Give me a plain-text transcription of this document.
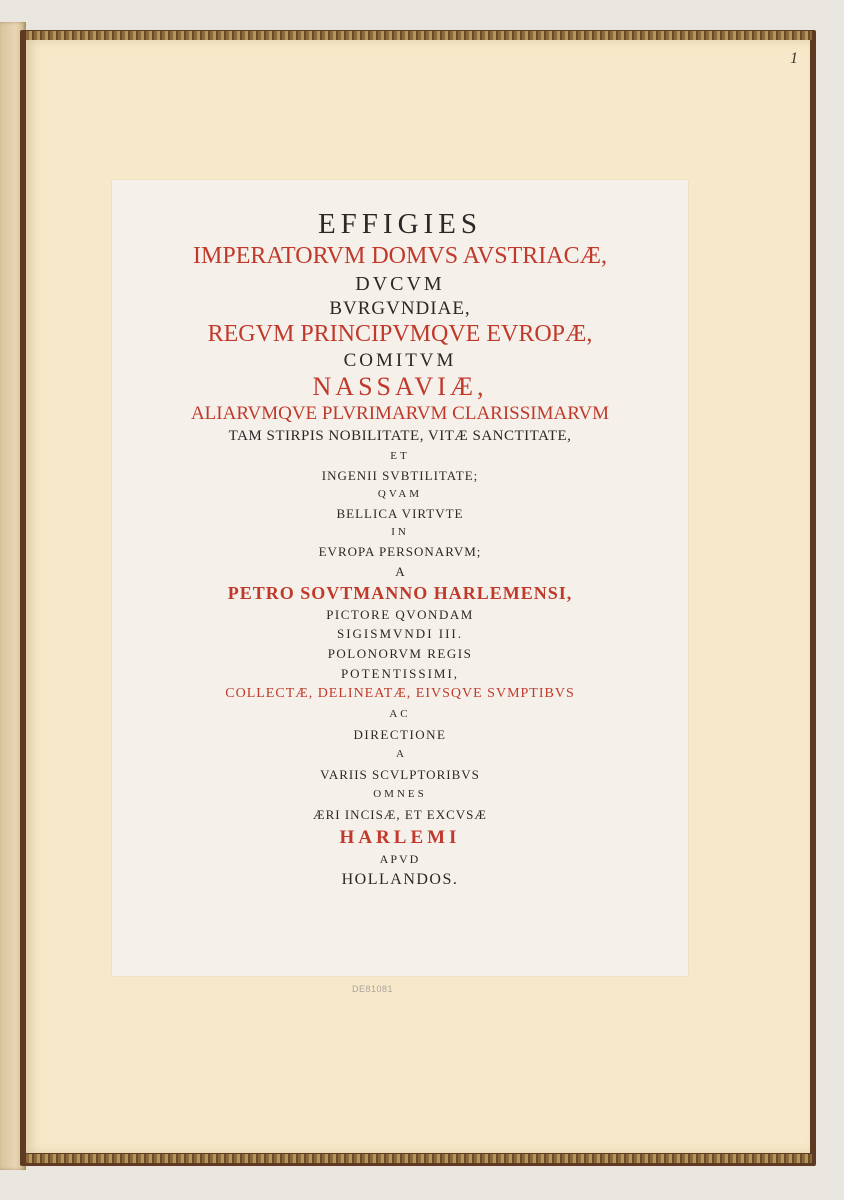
1
EFFIGIES
IMPERATORVM DOMVS AVSTRIACÆ,
DVCVM
BVRGVNDIAE,
REGVM PRINCIPVMQVE EVROPÆ,
COMITVM
NASSAVIÆ,
ALIARVMQVE PLVRIMARVM CLARISSIMARVM
TAM STIRPIS NOBILITATE, VITÆ SANCTITATE,
ET
INGENII SVBTILITATE;
QVAM
BELLICA VIRTVTE
IN
EVROPA PERSONARVM;
A
PETRO SOVTMANNO HARLEMENSI,
PICTORE QVONDAM
SIGISMVNDI III.
POLONORVM REGIS
POTENTISSIMI,
COLLECTÆ, DELINEATÆ, EIVSQVE SVMPTIBVS
AC
DIRECTIONE
A
VARIIS SCVLPTORIBVS
OMNES
ÆRI INCISÆ, ET EXCVSÆ
HARLEMI
APVD
HOLLANDOS.
DE81081
